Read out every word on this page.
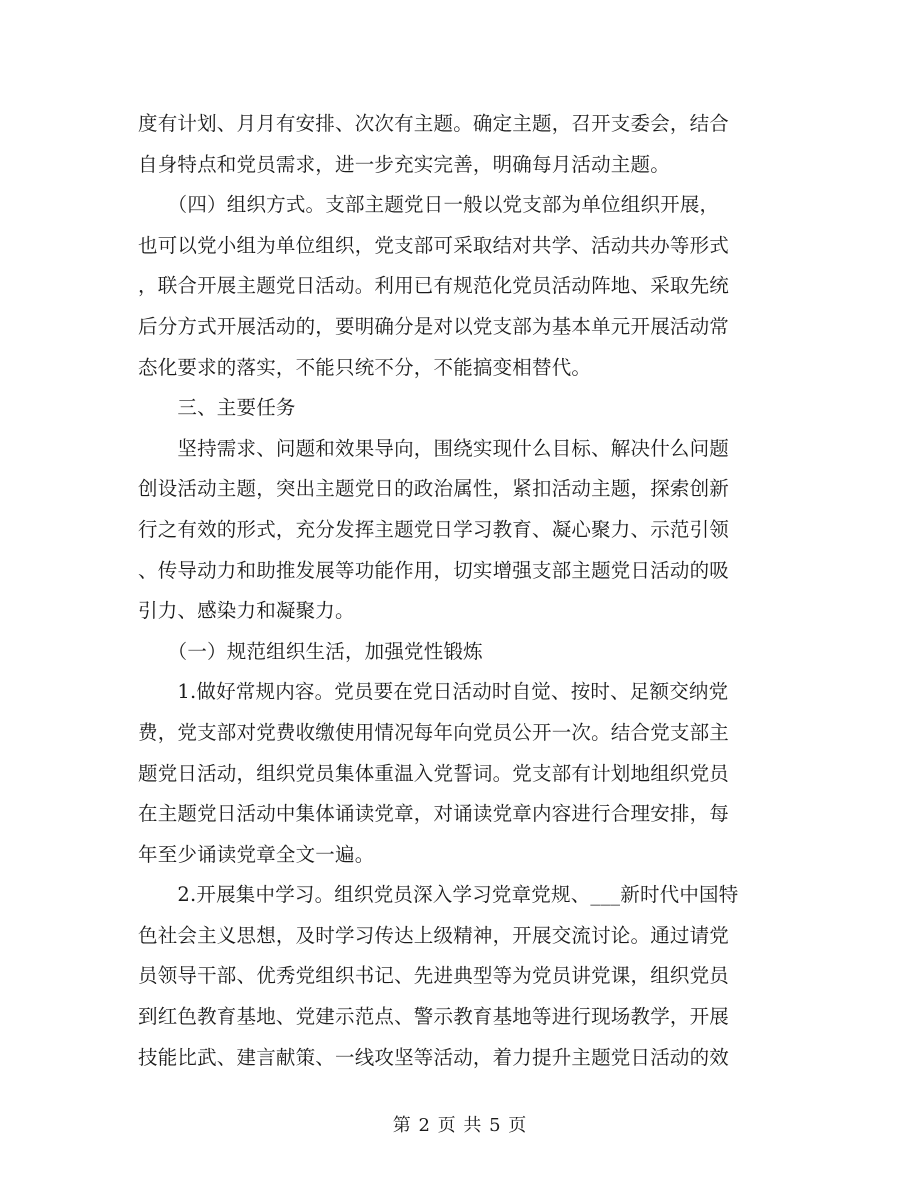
度有计划、月月有安排、次次有主题。确定主题，召开支委会，结合
自身特点和党员需求，进一步充实完善，明确每月活动主题。
　　（四）组织方式。支部主题党日一般以党支部为单位组织开展，
也可以党小组为单位组织，党支部可采取结对共学、活动共办等形式
，联合开展主题党日活动。利用已有规范化党员活动阵地、采取先统
后分方式开展活动的，要明确分是对以党支部为基本单元开展活动常
态化要求的落实，不能只统不分，不能搞变相替代。
　　三、主要任务
　　坚持需求、问题和效果导向，围绕实现什么目标、解决什么问题
创设活动主题，突出主题党日的政治属性，紧扣活动主题，探索创新
行之有效的形式，充分发挥主题党日学习教育、凝心聚力、示范引领
、传导动力和助推发展等功能作用，切实增强支部主题党日活动的吸
引力、感染力和凝聚力。
　　（一）规范组织生活，加强党性锻炼
　　1.做好常规内容。党员要在党日活动时自觉、按时、足额交纳党
费，党支部对党费收缴使用情况每年向党员公开一次。结合党支部主
题党日活动，组织党员集体重温入党誓词。党支部有计划地组织党员
在主题党日活动中集体诵读党章，对诵读党章内容进行合理安排，每
年至少诵读党章全文一遍。
　　2.开展集中学习。组织党员深入学习党章党规、___新时代中国特
色社会主义思想，及时学习传达上级精神，开展交流讨论。通过请党
员领导干部、优秀党组织书记、先进典型等为党员讲党课，组织党员
到红色教育基地、党建示范点、警示教育基地等进行现场教学，开展
技能比武、建言献策、一线攻坚等活动，着力提升主题党日活动的效
第 2 页 共 5 页
